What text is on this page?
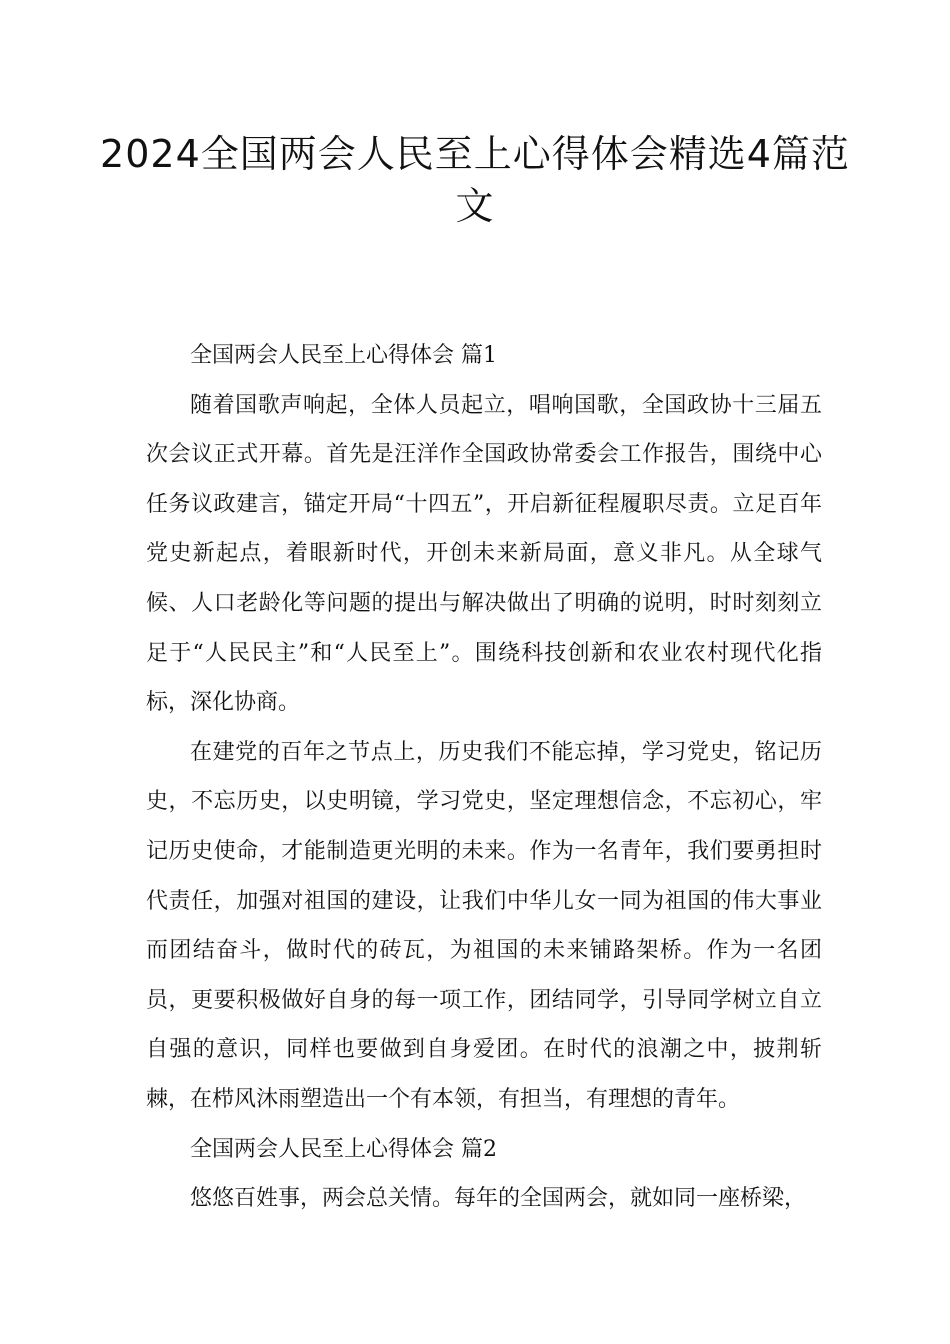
2024全国两会人民至上心得体会精选4篇范文

全国两会人民至上心得体会 篇1

随着国歌声响起，全体人员起立，唱响国歌，全国政协十三届五次会议正式开幕。首先是汪洋作全国政协常委会工作报告，围绕中心任务议政建言，锚定开局“十四五”，开启新征程履职尽责。立足百年党史新起点，着眼新时代，开创未来新局面，意义非凡。从全球气候、人口老龄化等问题的提出与解决做出了明确的说明，时时刻刻立足于“人民民主”和“人民至上”。围绕科技创新和农业农村现代化指标，深化协商。

在建党的百年之节点上，历史我们不能忘掉，学习党史，铭记历史，不忘历史，以史明镜，学习党史，坚定理想信念，不忘初心，牢记历史使命，才能制造更光明的未来。作为一名青年，我们要勇担时代责任，加强对祖国的建设，让我们中华儿女一同为祖国的伟大事业而团结奋斗，做时代的砖瓦，为祖国的未来铺路架桥。作为一名团员，更要积极做好自身的每一项工作，团结同学，引导同学树立自立自强的意识，同样也要做到自身爱团。在时代的浪潮之中，披荆斩棘，在栉风沐雨塑造出一个有本领，有担当，有理想的青年。

全国两会人民至上心得体会 篇2

悠悠百姓事，两会总关情。每年的全国两会，就如同一座桥梁，
